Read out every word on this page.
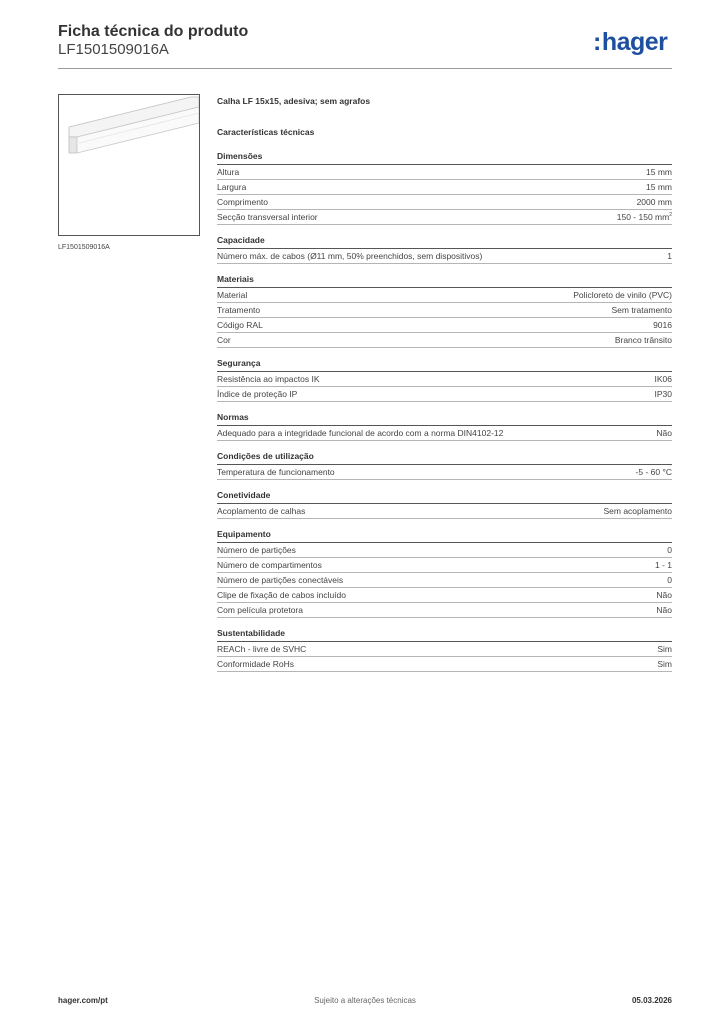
Ficha técnica do produto
LF1501509016A	:hager
LF1501509016A
Calha LF 15x15, adesiva; sem agrafos
Características técnicas
Dimensões
Altura	15 mm
Largura	15 mm
Comprimento	2000 mm
Secção transversal interior	150 - 150 $mm^2$
Capacidade
Número máx. de cabos (Ø11 mm, 50% preenchidos, sem dispositivos)	1
Materiais
Material	Policloreto de vinilo (PVC)
Tratamento	Sem tratamento
Código RAL	9016
Cor	Branco trânsito
Segurança
Resistência ao impactos IK	IK06
Índice de proteção IP	IP30
Normas
Adequado para a integridade funcional de acordo com a norma DIN4102-12	Não
Condições de utilização
Temperatura de funcionamento	-5 - 60 °C
Conetividade
Acoplamento de calhas	Sem acoplamento
Equipamento
Número de partições	0
Número de compartimentos	1 - 1
Número de partições conectáveis	0
Clipe de fixação de cabos incluído	Não
Com película protetora	Não
Sustentabilidade
REACh - livre de SVHC	Sim
Conformidade RoHs	Sim
hager.com/pt	Sujeito a alterações técnicas	05.03.2026
